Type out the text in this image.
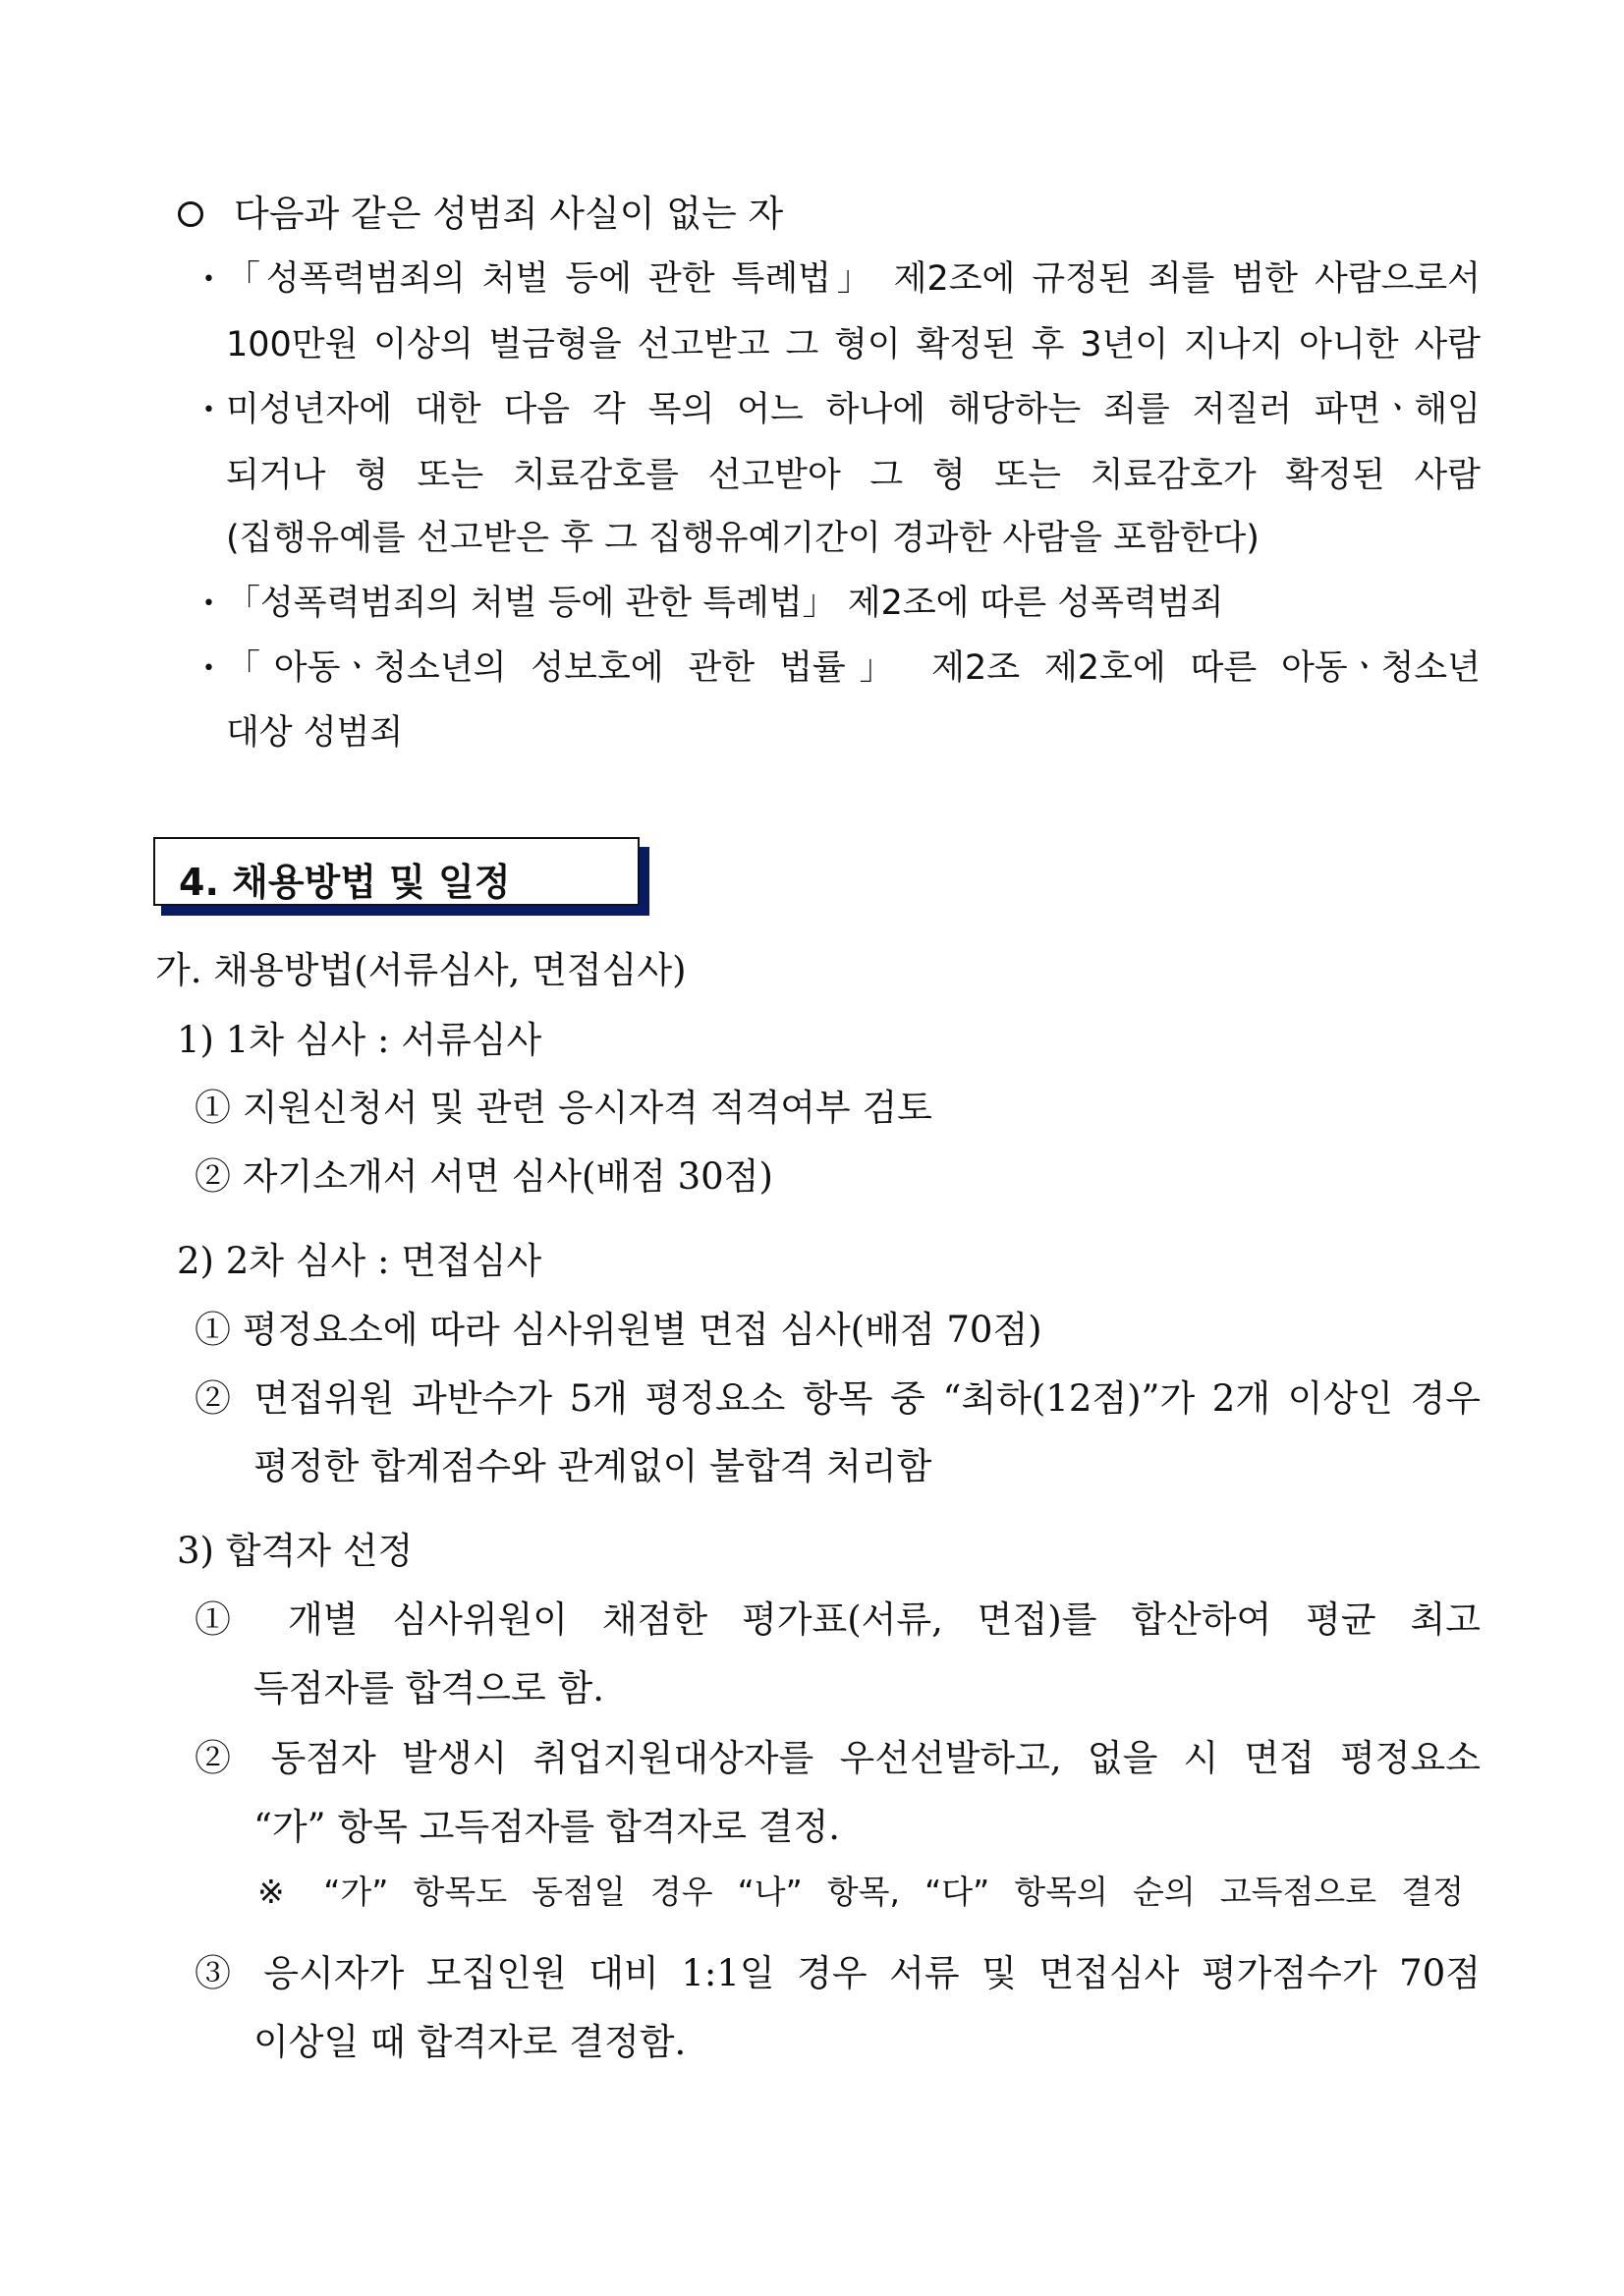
다음과 같은 성범죄 사실이 없는 자
• 「성폭력범죄의 처벌 등에 관한 특례법」 제2조에 규정된 죄를 범한 사람으로서
100만원 이상의 벌금형을 선고받고 그 형이 확정된 후 3년이 지나지 아니한 사람
• 미성년자에 대한 다음 각 목의 어느 하나에 해당하는 죄를 저질러 파면ㆍ해임
되거나 형 또는 치료감호를 선고받아 그 형 또는 치료감호가 확정된 사람
(집행유예를 선고받은 후 그 집행유예기간이 경과한 사람을 포함한다)
• 「성폭력범죄의 처벌 등에 관한 특례법」 제2조에 따른 성폭력범죄
• 「아동ㆍ청소년의 성보호에 관한 법률」 제2조 제2호에 따른 아동ㆍ청소년
대상 성범죄
4. 채용방법 및 일정
가. 채용방법(서류심사, 면접심사)
1) 1차 심사 : 서류심사
① 지원신청서 및 관련 응시자격 적격여부 검토
② 자기소개서 서면 심사(배점 30점)
2) 2차 심사 : 면접심사
① 평정요소에 따라 심사위원별 면접 심사(배점 70점)
② 면접위원 과반수가 5개 평정요소 항목 중 “최하(12점)”가 2개 이상인 경우
평정한 합계점수와 관계없이 불합격 처리함
3) 합격자 선정
① 개별 심사위원이 채점한 평가표(서류, 면접)를 합산하여 평균 최고
득점자를 합격으로 함.
② 동점자 발생시 취업지원대상자를 우선선발하고, 없을 시 면접 평정요소
“가” 항목 고득점자를 합격자로 결정.
※ “가” 항목도 동점일 경우 “나” 항목, “다” 항목의 순의 고득점으로 결정
③ 응시자가 모집인원 대비 1:1일 경우 서류 및 면접심사 평가점수가 70점
이상일 때 합격자로 결정함.
